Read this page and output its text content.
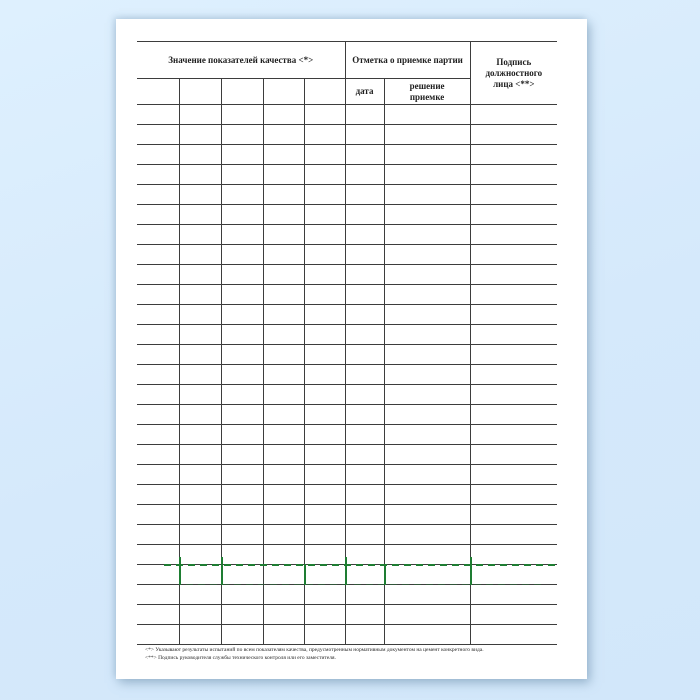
Значение показателей качества <*>					Отметка о приемке партии		Подпись
должностного
лица <**>

					дата	решение
приемке	

<*> Указывают результаты испытаний по всем показателям качества, предусмотренным нормативным документом на цемент конкретного вида.
<**> Подпись руководителя службы технического контроля или его заместителя.
